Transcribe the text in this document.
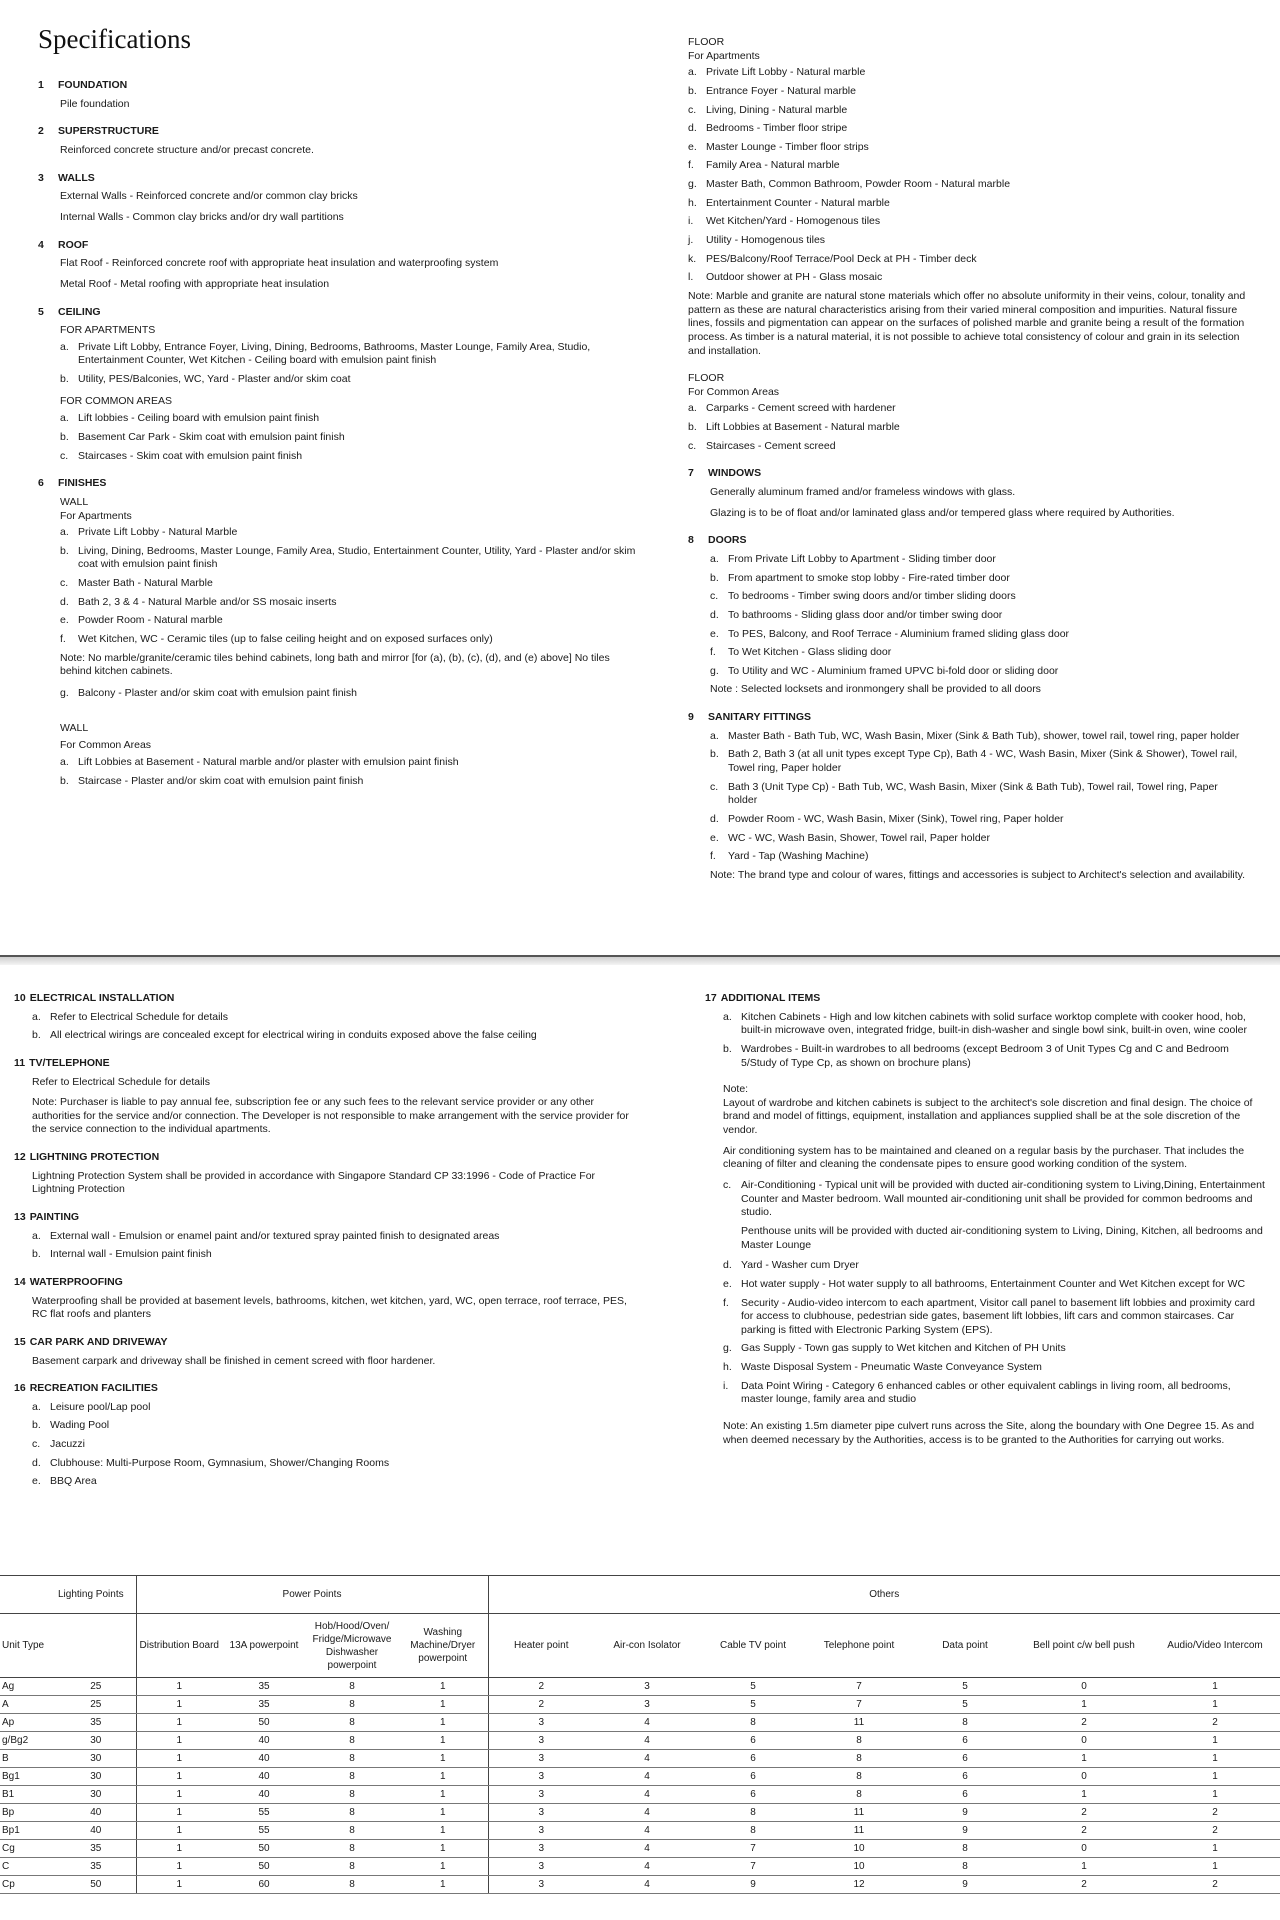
Specifications
1 FOUNDATION
Pile foundation
2 SUPERSTRUCTURE
Reinforced concrete structure and/or precast concrete.
3 WALLS
External Walls - Reinforced concrete and/or common clay bricks
Internal Walls - Common clay bricks and/or dry wall partitions
4 ROOF
Flat Roof - Reinforced concrete roof with appropriate heat insulation and waterproofing system
Metal Roof - Metal roofing with appropriate heat insulation
5 CEILING
FOR APARTMENTS
a. Private Lift Lobby, Entrance Foyer, Living, Dining, Bedrooms, Bathrooms, Master Lounge, Family Area, Studio, Entertainment Counter, Wet Kitchen - Ceiling board with emulsion paint finish
b. Utility, PES/Balconies, WC, Yard - Plaster and/or skim coat
FOR COMMON AREAS
a. Lift lobbies - Ceiling board with emulsion paint finish
b. Basement Car Park - Skim coat with emulsion paint finish
c. Staircases - Skim coat with emulsion paint finish
6 FINISHES
WALL
For Apartments
a. Private Lift Lobby - Natural Marble
b. Living, Dining, Bedrooms, Master Lounge, Family Area, Studio, Entertainment Counter, Utility, Yard - Plaster and/or skim coat with emulsion paint finish
c. Master Bath - Natural Marble
d. Bath 2, 3 & 4 - Natural Marble and/or SS mosaic inserts
e. Powder Room - Natural marble
f.	Wet Kitchen, WC - Ceramic tiles (up to false ceiling height and on exposed surfaces only)
Note: No marble/granite/ceramic tiles behind cabinets, long bath and mirror [for (a), (b), (c), (d), and (e) above] No tiles behind kitchen cabinets.
g. Balcony - Plaster and/or skim coat with emulsion paint finish
WALL
For Common Areas
a. Lift Lobbies at Basement - Natural marble and/or plaster with emulsion paint finish
b. Staircase - Plaster and/or skim coat with emulsion paint finish
FLOOR
For Apartments
a. Private Lift Lobby - Natural marble
b. Entrance Foyer - Natural marble
c. Living, Dining - Natural marble
d. Bedrooms - Timber floor stripe
e. Master Lounge - Timber floor strips
f.	Family Area - Natural marble
g. Master Bath, Common Bathroom, Powder Room - Natural marble
h. Entertainment Counter - Natural marble
i.	Wet Kitchen/Yard - Homogenous tiles
j.	Utility - Homogenous tiles
k. PES/Balcony/Roof Terrace/Pool Deck at PH - Timber deck
l.	Outdoor shower at PH - Glass mosaic
Note: Marble and granite are natural stone materials which offer no absolute uniformity in their veins, colour, tonality and pattern as these are natural characteristics arising from their varied mineral composition and impurities. Natural fissure lines, fossils and pigmentation can appear on the surfaces of polished marble and granite being a result of the formation process. As timber is a natural material, it is not possible to achieve total consistency of colour and grain in its selection and installation.
FLOOR
For Common Areas
a. Carparks - Cement screed with hardener
b. Lift Lobbies at Basement - Natural marble
c. Staircases - Cement screed
7 WINDOWS
Generally aluminum framed and/or frameless windows with glass.
Glazing is to be of float and/or laminated glass and/or tempered glass where required by Authorities.
8 DOORS
a. From Private Lift Lobby to Apartment - Sliding timber door
b. From apartment to smoke stop lobby - Fire-rated timber door
c. To bedrooms - Timber swing doors and/or timber sliding doors
d. To bathrooms - Sliding glass door and/or timber swing door
e. To PES, Balcony, and Roof Terrace - Aluminium framed sliding glass door
f.	To Wet Kitchen - Glass sliding door
g. To Utility and WC - Aluminium framed UPVC bi-fold door or sliding door
Note : Selected locksets and ironmongery shall be provided to all doors
9 SANITARY FITTINGS
a. Master Bath - Bath Tub, WC, Wash Basin, Mixer (Sink & Bath Tub), shower, towel rail, towel ring, paper holder
b. Bath 2, Bath 3 (at all unit types except Type Cp), Bath 4 - WC, Wash Basin, Mixer (Sink & Shower), Towel rail, Towel ring, Paper holder
c. Bath 3 (Unit Type Cp) - Bath Tub, WC, Wash Basin, Mixer (Sink & Bath Tub), Towel rail, Towel ring, Paper holder
d. Powder Room - WC, Wash Basin, Mixer (Sink), Towel ring, Paper holder
e. WC - WC, Wash Basin, Shower, Towel rail, Paper holder
f.	Yard - Tap (Washing Machine)
Note: The brand type and colour of wares, fittings and accessories is subject to Architect's selection and availability.
10 ELECTRICAL INSTALLATION
a. Refer to Electrical Schedule for details
b. All electrical wirings are concealed except for electrical wiring in conduits exposed above the false ceiling
11 TV/TELEPHONE
Refer to Electrical Schedule for details
Note: Purchaser is liable to pay annual fee, subscription fee or any such fees to the relevant service provider or any other authorities for the service and/or connection. The Developer is not responsible to make arrangement with the service provider for the service connection to the individual apartments.
12 LIGHTNING PROTECTION
Lightning Protection System shall be provided in accordance with Singapore Standard CP 33:1996 - Code of Practice For Lightning Protection
13 PAINTING
a. External wall - Emulsion or enamel paint and/or textured spray painted finish to designated areas
b. Internal wall - Emulsion paint finish
14 WATERPROOFING
Waterproofing shall be provided at basement levels, bathrooms, kitchen, wet kitchen, yard, WC, open terrace, roof terrace, PES, RC flat roofs and planters
15 CAR PARK AND DRIVEWAY
Basement carpark and driveway shall be finished in cement screed with floor hardener.
16 RECREATION FACILITIES
a. Leisure pool/Lap pool
b. Wading Pool
c. Jacuzzi
d. Clubhouse: Multi-Purpose Room, Gymnasium, Shower/Changing Rooms
e. BBQ Area
17 ADDITIONAL ITEMS
a. Kitchen Cabinets - High and low kitchen cabinets with solid surface worktop complete with cooker hood, hob, built-in microwave oven, integrated fridge, built-in dish-washer and single bowl sink, built-in oven, wine cooler
b. Wardrobes - Built-in wardrobes to all bedrooms (except Bedroom 3 of Unit Types Cg and C and Bedroom 5/Study of Type Cp, as shown on brochure plans)
Note:
Layout of wardrobe and kitchen cabinets is subject to the architect's sole discretion and final design. The choice of brand and model of fittings, equipment, installation and appliances supplied shall be at the sole discretion of the vendor.
Air conditioning system has to be maintained and cleaned on a regular basis by the purchaser. That includes the cleaning of filter and cleaning the condensate pipes to ensure good working condition of the system.
c. Air-Conditioning - Typical unit will be provided with ducted air-conditioning system to Living,Dining, Entertainment Counter and Master bedroom. Wall mounted air-conditioning unit shall be provided for common bedrooms and studio.
Penthouse units will be provided with ducted air-conditioning system to Living, Dining, Kitchen, all bedrooms and Master Lounge
d. Yard - Washer cum Dryer
e. Hot water supply - Hot water supply to all bathrooms, Entertainment Counter and Wet Kitchen except for WC
f.	Security - Audio-video intercom to each apartment, Visitor call panel to basement lift lobbies and proximity card for access to clubhouse, pedestrian side gates, basement lift lobbies, lift cars and common staircases. Car parking is fitted with Electronic Parking System (EPS).
g. Gas Supply - Town gas supply to Wet kitchen and Kitchen of PH Units
h. Waste Disposal System - Pneumatic Waste Conveyance System
i.	Data Point Wiring - Category 6 enhanced cables or other equivalent cablings in living room, all bedrooms, master lounge, family area and studio
Note: An existing 1.5m diameter pipe culvert runs across the Site, along the boundary with One Degree 15. As and when deemed necessary by the Authorities, access is to be granted to the Authorities for carrying out works.
	Lighting Points	Power Points				Others						
Unit Type		Distribution Board	13A powerpoint	Hob/Hood/Oven/ Fridge/Microwave Dishwasher powerpoint	Washing Machine/Dryer powerpoint	Heater point	Air-con Isolator	Cable TV point	Telephone point	Data point	Bell point c/w bell push	Audio/Video Intercom
Ag	25	1	35	8	1	2	3	5	7	5	0	1
A	25	1	35	8	1	2	3	5	7	5	1	1
Ap	35	1	50	8	1	3	4	8	11	8	2	2
g/Bg2	30	1	40	8	1	3	4	6	8	6	0	1
B	30	1	40	8	1	3	4	6	8	6	1	1
Bg1	30	1	40	8	1	3	4	6	8	6	0	1
B1	30	1	40	8	1	3	4	6	8	6	1	1
Bp	40	1	55	8	1	3	4	8	11	9	2	2
Bp1	40	1	55	8	1	3	4	8	11	9	2	2
Cg	35	1	50	8	1	3	4	7	10	8	0	1
C	35	1	50	8	1	3	4	7	10	8	1	1
Cp	50	1	60	8	1	3	4	9	12	9	2	2
